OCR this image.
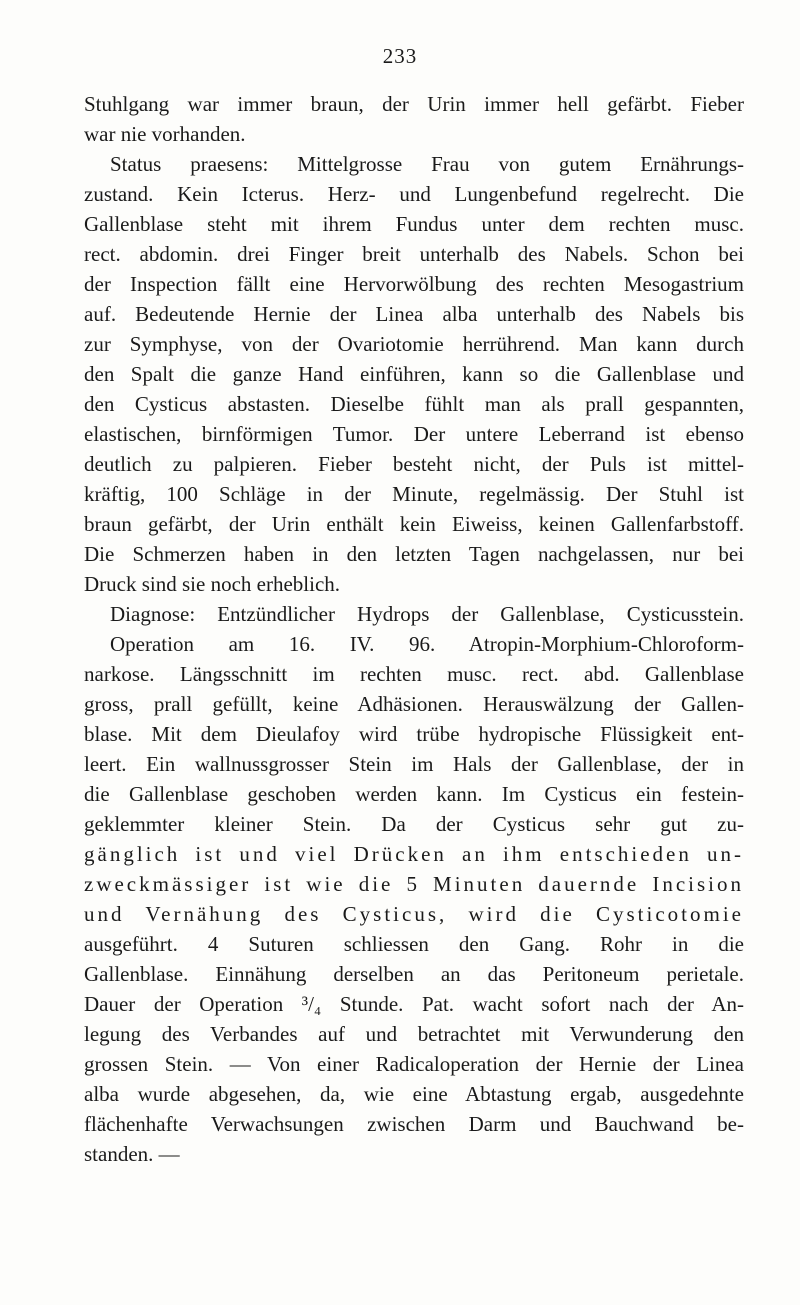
233
Stuhlgang war immer braun, der Urin immer hell gefärbt. Fieber
war nie vorhanden.
Status praesens: Mittelgrosse Frau von gutem Ernährungs-
zustand. Kein Icterus. Herz- und Lungenbefund regelrecht. Die
Gallenblase steht mit ihrem Fundus unter dem rechten musc.
rect. abdomin. drei Finger breit unterhalb des Nabels. Schon bei
der Inspection fällt eine Hervorwölbung des rechten Mesogastrium
auf. Bedeutende Hernie der Linea alba unterhalb des Nabels bis
zur Symphyse, von der Ovariotomie herrührend. Man kann durch
den Spalt die ganze Hand einführen, kann so die Gallenblase und
den Cysticus abstasten. Dieselbe fühlt man als prall gespannten,
elastischen, birnförmigen Tumor. Der untere Leberrand ist ebenso
deutlich zu palpieren. Fieber besteht nicht, der Puls ist mittel-
kräftig, 100 Schläge in der Minute, regelmässig. Der Stuhl ist
braun gefärbt, der Urin enthält kein Eiweiss, keinen Gallenfarbstoff.
Die Schmerzen haben in den letzten Tagen nachgelassen, nur bei
Druck sind sie noch erheblich.
Diagnose: Entzündlicher Hydrops der Gallenblase, Cysticusstein.
Operation am 16. IV. 96. Atropin-Morphium-Chloroform-
narkose. Längsschnitt im rechten musc. rect. abd. Gallenblase
gross, prall gefüllt, keine Adhäsionen. Herauswälzung der Gallen-
blase. Mit dem Dieulafoy wird trübe hydropische Flüssigkeit ent-
leert. Ein wallnussgrosser Stein im Hals der Gallenblase, der in
die Gallenblase geschoben werden kann. Im Cysticus ein festein-
geklemmter kleiner Stein. Da der Cysticus sehr gut zu-
gänglich ist und viel Drücken an ihm entschieden un-
zweckmässiger ist wie die 5 Minuten dauernde Incision
und Vernähung des Cysticus, wird die Cysticotomie
ausgeführt. 4 Suturen schliessen den Gang. Rohr in die
Gallenblase. Einnähung derselben an das Peritoneum perietale.
Dauer der Operation ³/₄ Stunde. Pat. wacht sofort nach der An-
legung des Verbandes auf und betrachtet mit Verwunderung den
grossen Stein. — Von einer Radicaloperation der Hernie der Linea
alba wurde abgesehen, da, wie eine Abtastung ergab, ausgedehnte
flächenhafte Verwachsungen zwischen Darm und Bauchwand be-
standen. —
